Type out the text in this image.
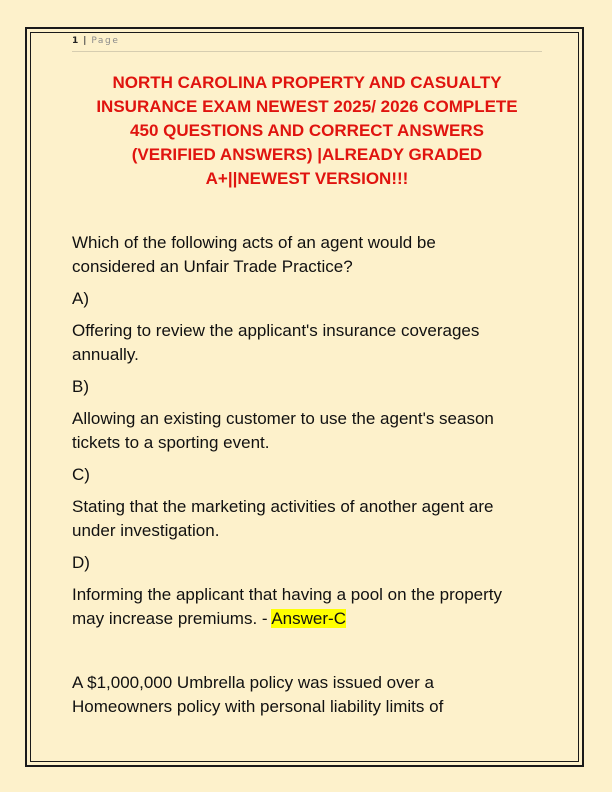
1 | Page
NORTH CAROLINA PROPERTY AND CASUALTY
INSURANCE EXAM NEWEST 2025/ 2026 COMPLETE
450 QUESTIONS AND CORRECT ANSWERS
(VERIFIED ANSWERS) |ALREADY GRADED
A+||NEWEST VERSION!!!
Which of the following acts of an agent would be
considered an Unfair Trade Practice?
A)
Offering to review the applicant's insurance coverages
annually.
B)
Allowing an existing customer to use the agent's season
tickets to a sporting event.
C)
Stating that the marketing activities of another agent are
under investigation.
D)
Informing the applicant that having a pool on the property
may increase premiums. - Answer-C
A $1,000,000 Umbrella policy was issued over a
Homeowners policy with personal liability limits of
